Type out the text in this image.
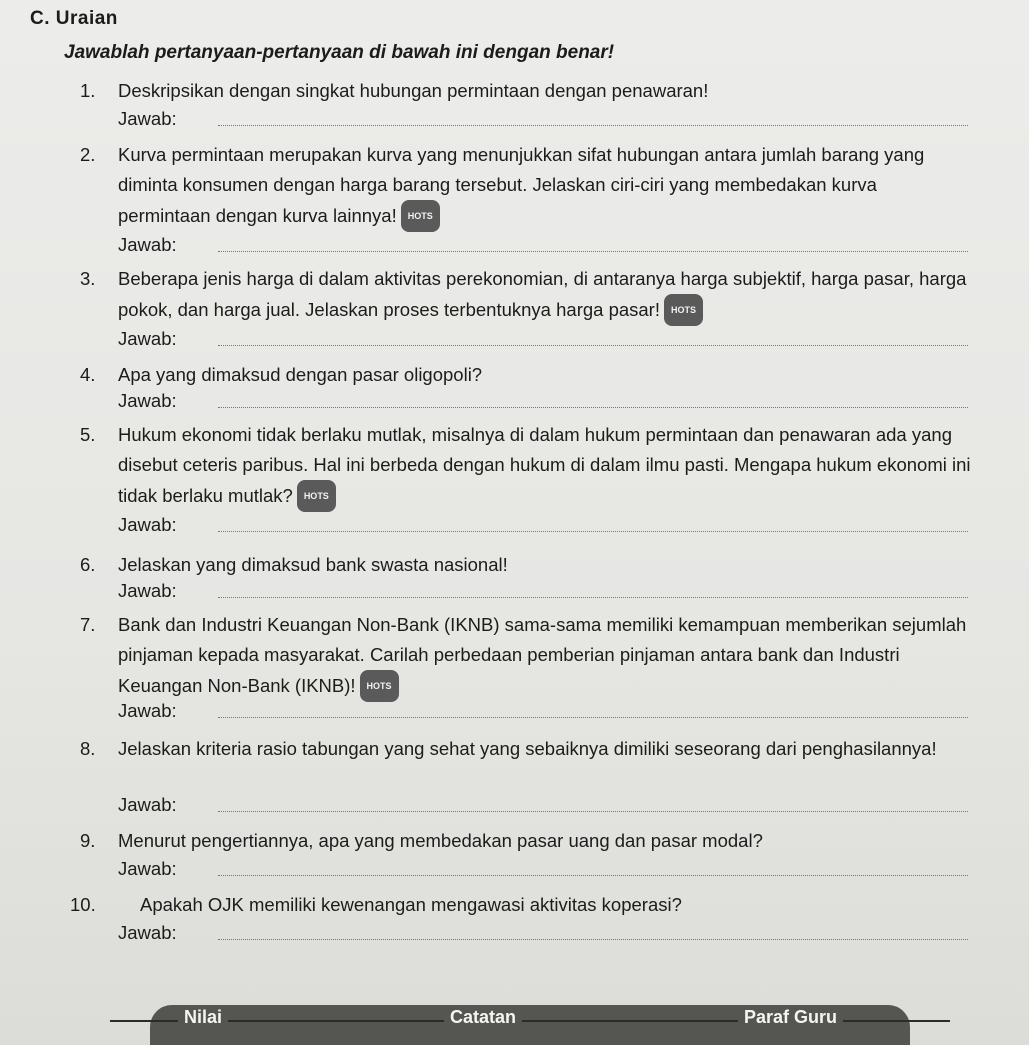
C. Uraian
Jawablah pertanyaan-pertanyaan di bawah ini dengan benar!
1.	Deskripsikan dengan singkat hubungan permintaan dengan penawaran!
Jawab:
2.	Kurva permintaan merupakan kurva yang menunjukkan sifat hubungan antara jumlah barang yang diminta konsumen dengan harga barang tersebut. Jelaskan ciri-ciri yang membedakan kurva permintaan dengan kurva lainnya! HOTS
Jawab:
3.	Beberapa jenis harga di dalam aktivitas perekonomian, di antaranya harga subjektif, harga pasar, harga pokok, dan harga jual. Jelaskan proses terbentuknya harga pasar! HOTS
Jawab:
4.	Apa yang dimaksud dengan pasar oligopoli?
Jawab:
5.	Hukum ekonomi tidak berlaku mutlak, misalnya di dalam hukum permintaan dan penawaran ada yang disebut ceteris paribus. Hal ini berbeda dengan hukum di dalam ilmu pasti. Mengapa hukum ekonomi ini tidak berlaku mutlak? HOTS
Jawab:
6.	Jelaskan yang dimaksud bank swasta nasional!
Jawab:
7.	Bank dan Industri Keuangan Non-Bank (IKNB) sama-sama memiliki kemampuan memberikan sejumlah pinjaman kepada masyarakat. Carilah perbedaan pemberian pinjaman antara bank dan Industri Keuangan Non-Bank (IKNB)! HOTS
Jawab:
8.	Jelaskan kriteria rasio tabungan yang sehat yang sebaiknya dimiliki seseorang dari penghasilannya!
Jawab:
9.	Menurut pengertiannya, apa yang membedakan pasar uang dan pasar modal?
Jawab:
10.	Apakah OJK memiliki kewenangan mengawasi aktivitas koperasi?
Jawab:
Nilai	Catatan	Paraf Guru
